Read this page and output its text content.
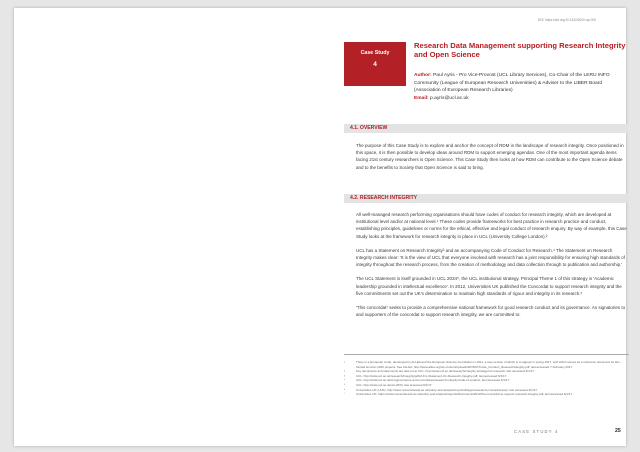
DOI: https://doi.org/10.14324/000.wp.000
Case Study
4
Research Data Management supporting Research Integrity and Open Science
Author: Paul Ayris - Pro Vice-Provost (UCL Library Services), Co-Chair of the LERU INFO Community (League of European Research Universities) & Adviser to the LIBER Board (Association of European Research Libraries)
Email: p.ayris@ucl.ac.uk
4.1. OVERVIEW

The purpose of this Case Study is to explore and anchor the concept of RDM in the landscape of research integrity. Once positioned in this space, it is then possible to develop ideas around RDM to support emerging agendas. One of the most important agenda items facing 21st century researchers is Open Science. This Case Study then looks at how RDM can contribute to the Open Science debate and to the benefits to Society that Open Science is said to bring.

4.2. RESEARCH INTEGRITY

All well-managed research performing organisations should have codes of conduct for research integrity, which are developed at institutional level and/or at national level.¹ These codes provide frameworks for best practice in research practice and conduct, establishing principles, guidelines or norms for the ethical, effective and legal conduct of research enquiry. By way of example, this Case Study looks at the framework for research integrity in place in UCL (University College London).²

UCL has a Statement on Research Integrity³ and an accompanying Code of Conduct for Research.⁴ The Statement on Research Integrity makes clear: 'It is the view of UCL that everyone involved with research has a joint responsibility for ensuring high standards of integrity throughout the research process, from the creation of methodology and data collection through to publication and authorship.'

The UCL Statement is itself grounded in UCL 2034⁵, the UCL institutional strategy. Principal Theme 1 of this strategy is 'Academic leadership grounded in intellectual excellence'. In 2012, Universities UK published the Concordat to support research integrity and the five commitments set out the UK's determination to maintain high standards of rigour and integrity in its research.⁶

'This concordat⁷ seeks to provide a comprehensive national framework for good research conduct and its governance. As signatories to and supporters of the concordat to support research integrity, we are committed to:

¹	There is a European Code, developed by ALLEA and the European Science Foundation in 2011, a new version of which is to appear in spring 2017, and which serves as a reference document for EU-funded Horizon 2020 projects. See ALLEA: http://www.allea.org/wp-content/uploads/2015/07/Code_Conduct_ResearchIntegrity.pdf; last accessed 7 February 2017.
²	Key documents and statements are laid out at UCL: http://www.ucl.ac.uk/research/integrity-strategy/ucl-research; last accessed 6/1/17.
³	UCL: http://www.ucl.ac.uk/research/integrity/pdfs/UCL-Statement-On-Research-Integrity.pdf; last accessed 6/1/17.
⁴	UCL: http://www.ucl.ac.uk/srs/governance-and-committees/research-integrity/code-of-conduct; last accessed 6/1/17.
⁵	UCL: http://www.ucl.ac.uk/ucl-2034; last accessed 6/1/17.
⁶	Universities UK (UUK): http://www.universitiesuk.ac.uk/policy-and-analysis/reports/Pages/research-concordat.aspx; last accessed 6/1/17.
⁷	Universities UK: https://www.universitiesuk.ac.uk/policy-and-analysis/reports/Documents/2012/the-concordat-to-support-research-integrity.pdf; last accessed 6/1/17.
CASE STUDY 4	25
